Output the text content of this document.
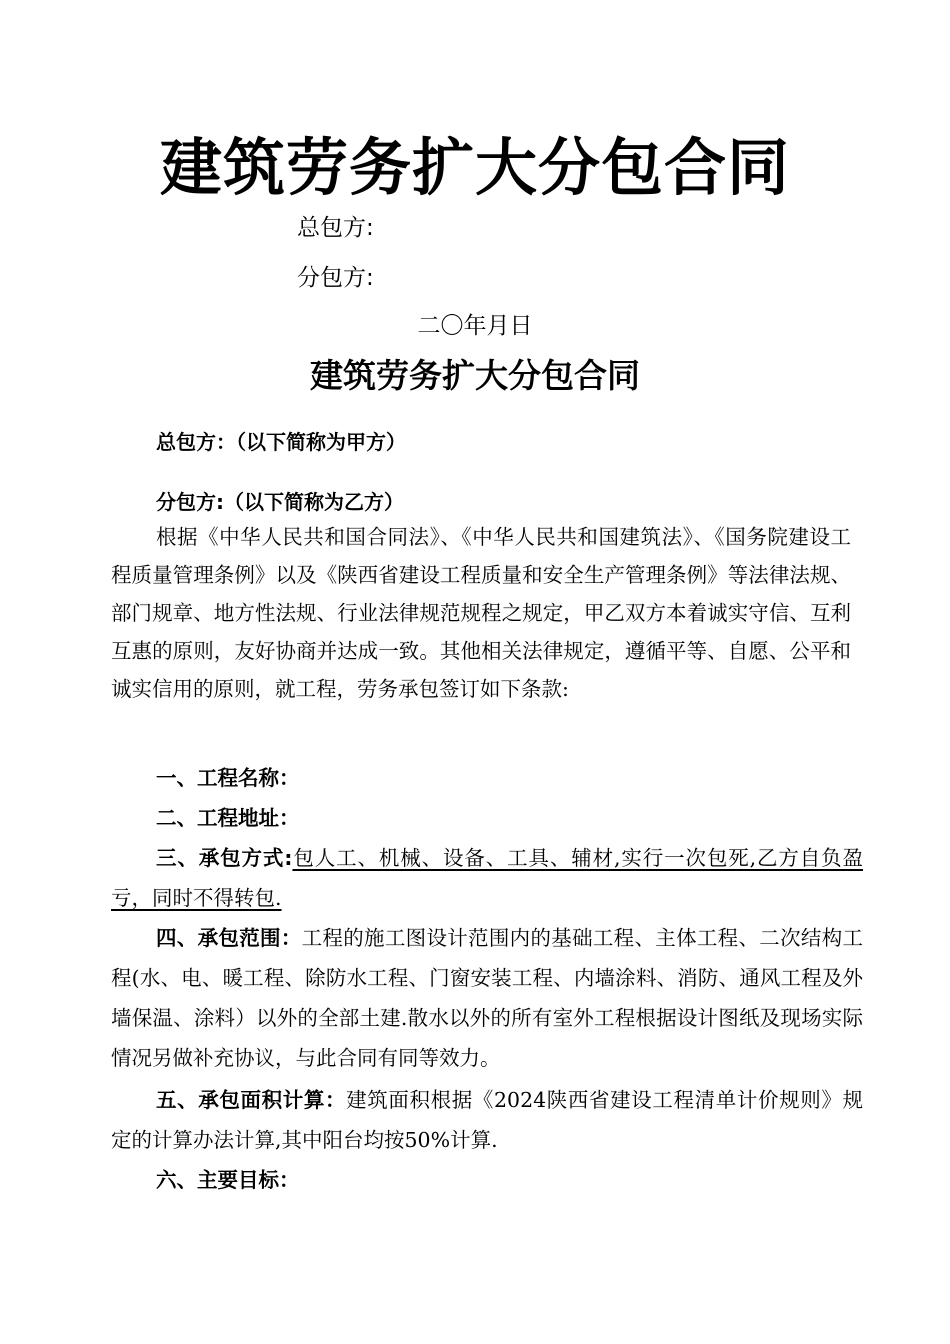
建筑劳务扩大分包合同
总包方:
分包方:
二〇年月日
建筑劳务扩大分包合同
总包方：（以下简称为甲方）
分包方:（以下简称为乙方）
根据《中华人民共和国合同法》、《中华人民共和国建筑法》、《国务院建设工程质量管理条例》以及《陕西省建设工程质量和安全生产管理条例》等法律法规、部门规章、地方性法规、行业法律规范规程之规定，甲乙双方本着诚实守信、互利互惠的原则，友好协商并达成一致。其他相关法律规定，遵循平等、自愿、公平和诚实信用的原则，就工程，劳务承包签订如下条款:
一、工程名称：
二、工程地址：
三、承包方式:包人工、机械、设备、工具、辅材,实行一次包死,乙方自负盈亏，同时不得转包.
四、承包范围：工程的施工图设计范围内的基础工程、主体工程、二次结构工程(水、电、暖工程、除防水工程、门窗安装工程、内墙涂料、消防、通风工程及外墙保温、涂料）以外的全部土建.散水以外的所有室外工程根据设计图纸及现场实际情况另做补充协议，与此合同有同等效力。
五、承包面积计算：建筑面积根据《2024陕西省建设工程清单计价规则》规定的计算办法计算,其中阳台均按50%计算.
六、主要目标：
